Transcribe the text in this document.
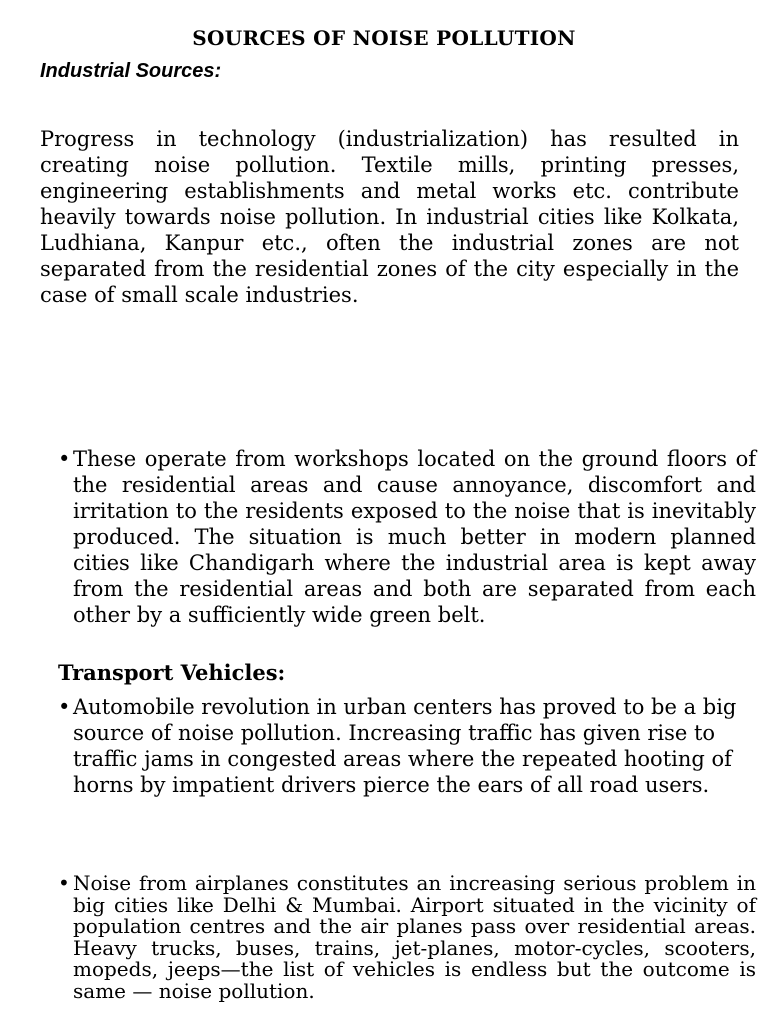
SOURCES OF NOISE POLLUTION
Industrial Sources:
Progress in technology (industrialization) has resulted in creating noise pollution. Textile mills, printing presses, engineering establishments and metal works etc. contribute heavily towards noise pollution. In industrial cities like Kolkata, Ludhiana, Kanpur etc., often the industrial zones are not separated from the residential zones of the city especially in the case of small scale industries.
• These operate from workshops located on the ground floors of the residential areas and cause annoyance, discomfort and irritation to the residents exposed to the noise that is inevitably produced. The situation is much better in modern planned cities like Chandigarh where the industrial area is kept away from the residential areas and both are separated from each other by a sufficiently wide green belt.
Transport Vehicles:
• Automobile revolution in urban centers has proved to be a big source of noise pollution. Increasing traffic has given rise to traffic jams in congested areas where the repeated hooting of horns by impatient drivers pierce the ears of all road users.
• Noise from airplanes constitutes an increasing serious problem in big cities like Delhi & Mumbai. Airport situated in the vicinity of population centres and the air planes pass over residential areas. Heavy trucks, buses, trains, jet-planes, motor-cycles, scooters, mopeds, jeeps—the list of vehicles is endless but the outcome is same — noise pollution.
